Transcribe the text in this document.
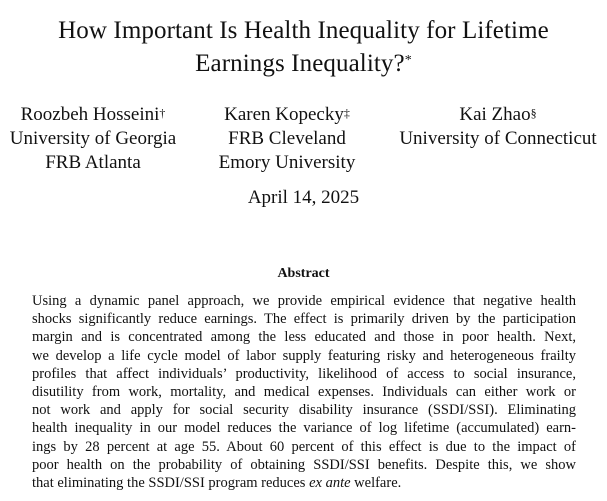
How Important Is Health Inequality for Lifetime
Earnings Inequality?*
Roozbeh Hosseini†
University of Georgia
FRB Atlanta
Karen Kopecky‡
FRB Cleveland
Emory University
Kai Zhao§
University of Connecticut
April 14, 2025
Abstract
Using a dynamic panel approach, we provide empirical evidence that negative health
shocks significantly reduce earnings. The effect is primarily driven by the participation
margin and is concentrated among the less educated and those in poor health. Next,
we develop a life cycle model of labor supply featuring risky and heterogeneous frailty
profiles that affect individuals’ productivity, likelihood of access to social insurance,
disutility from work, mortality, and medical expenses. Individuals can either work or
not work and apply for social security disability insurance (SSDI/SSI). Eliminating
health inequality in our model reduces the variance of log lifetime (accumulated) earn-
ings by 28 percent at age 55. About 60 percent of this effect is due to the impact of
poor health on the probability of obtaining SSDI/SSI benefits. Despite this, we show
that eliminating the SSDI/SSI program reduces ex ante welfare.
